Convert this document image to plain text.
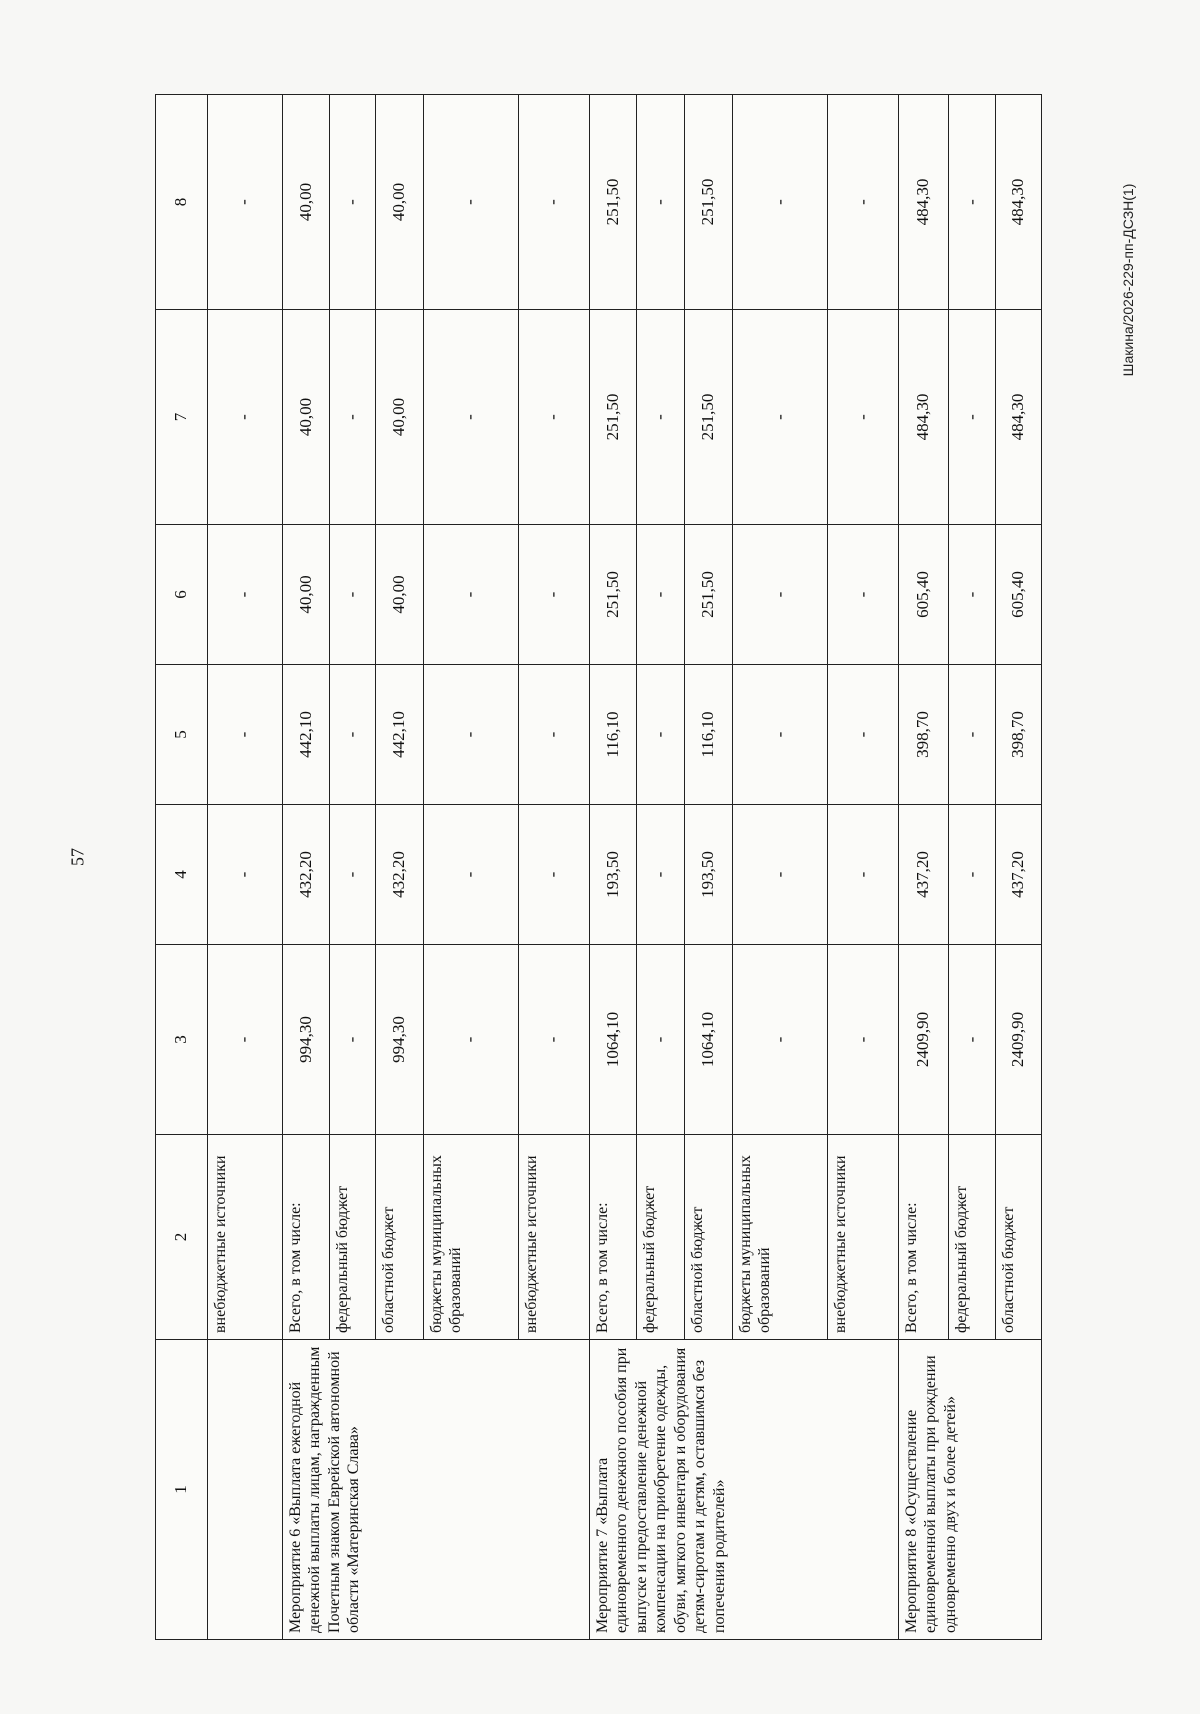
57
1	2	3	4	5	6	7	8
	внебюджетные источники	-	-	-	-	-	-
Мероприятие 6 «Выплата ежегодной денежной выплаты лицам, награжденным Почетным знаком Еврейской автономной области «Материнская Слава»	Всего, в том числе:	994,30	432,20	442,10	40,00	40,00	40,00
	федеральный бюджет	-	-	-	-	-	-
	областной бюджет	994,30	432,20	442,10	40,00	40,00	40,00
	бюджеты муниципальных образований	-	-	-	-	-	-
	внебюджетные источники	-	-	-	-	-	-
Мероприятие 7 «Выплата единовременного денежного пособия при выпуске и предоставление денежной компенсации на приобретение одежды, обуви, мягкого инвентаря и оборудования детям-сиротам и детям, оставшимся без попечения родителей»	Всего, в том числе:	1064,10	193,50	116,10	251,50	251,50	251,50
	федеральный бюджет	-	-	-	-	-	-
	областной бюджет	1064,10	193,50	116,10	251,50	251,50	251,50
	бюджеты муниципальных образований	-	-	-	-	-	-
	внебюджетные источники	-	-	-	-	-	-
Мероприятие 8 «Осуществление единовременной выплаты при рождении одновременно двух и более детей»	Всего, в том числе:	2409,90	437,20	398,70	605,40	484,30	484,30
	федеральный бюджет	-	-	-	-	-	-
	областной бюджет	2409,90	437,20	398,70	605,40	484,30	484,30	Шакина/2026-229-пп-ДСЗН(1)
